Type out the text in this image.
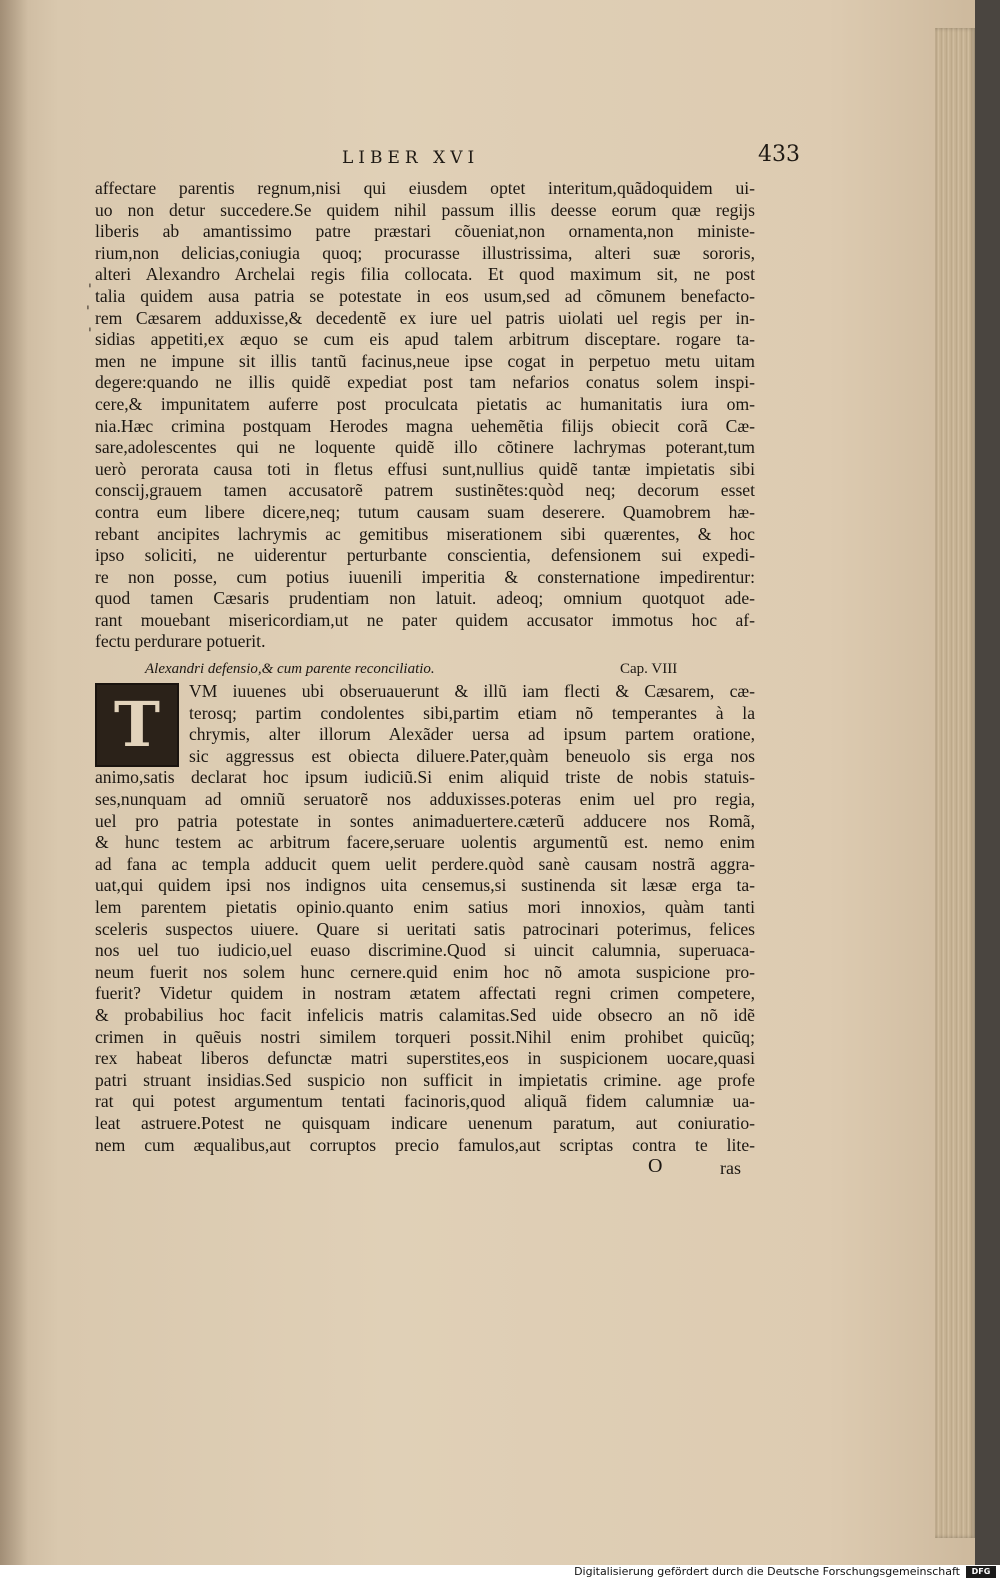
LIBER XVI	433
'
'
'
affectare parentis regnum,nisi qui eiusdem optet interitum,quãdoquidem ui-
uo non detur succedere.Se quidem nihil passum illis deesse eorum quæ regijs
liberis ab amantissimo patre præstari cõueniat,non ornamenta,non ministe-
rium,non delicias,coniugia quoq; procurasse illustrissima, alteri suæ sororis,
alteri Alexandro Archelai regis filia collocata. Et quod maximum sit, ne post
talia quidem ausa patria se potestate in eos usum,sed ad cõmunem benefacto-
rem Cæsarem adduxisse,& decedentẽ ex iure uel patris uiolati uel regis per in-
sidias appetiti,ex æquo se cum eis apud talem arbitrum disceptare. rogare ta-
men ne impune sit illis tantũ facinus,neue ipse cogat in perpetuo metu uitam
degere:quando ne illis quidẽ expediat post tam nefarios conatus solem inspi-
cere,& impunitatem auferre post proculcata pietatis ac humanitatis iura om-
nia.Hæc crimina postquam Herodes magna uehemẽtia filijs obiecit corã Cæ-
sare,adolescentes qui ne loquente quidẽ illo cõtinere lachrymas poterant,tum
uerò perorata causa toti in fletus effusi sunt,nullius quidẽ tantæ impietatis sibi
conscij,grauem tamen accusatorẽ patrem sustinẽtes:quòd neq; decorum esset
contra eum libere dicere,neq; tutum causam suam deserere. Quamobrem hæ-
rebant ancipites lachrymis ac gemitibus miserationem sibi quærentes, & hoc
ipso soliciti, ne uiderentur perturbante conscientia, defensionem sui expedi-
re non posse, cum potius iuuenili imperitia & consternatione impedirentur:
quod tamen Cæsaris prudentiam non latuit. adeoq; omnium quotquot ade-
rant mouebant misericordiam,ut ne pater quidem accusator immotus hoc af-
fectu perdurare potuerit.
Alexandri defensio,& cum parente reconciliatio.	Cap. VIII
T VM iuuenes ubi obseruauerunt & illũ iam flecti & Cæsarem, cæ-
terosq; partim condolentes sibi,partim etiam nõ temperantes à la
chrymis, alter illorum Alexãder uersa ad ipsum partem oratione,
sic aggressus est obiecta diluere.Pater,quàm beneuolo sis erga nos
animo,satis declarat hoc ipsum iudiciũ.Si enim aliquid triste de nobis statuis-
ses,nunquam ad omniũ seruatorẽ nos adduxisses.poteras enim uel pro regia,
uel pro patria potestate in sontes animaduertere.cæterũ adducere nos Romã,
& hunc testem ac arbitrum facere,seruare uolentis argumentũ est. nemo enim
ad fana ac templa adducit quem uelit perdere.quòd sanè causam nostrã aggra-
uat,qui quidem ipsi nos indignos uita censemus,si sustinenda sit læsæ erga ta-
lem parentem pietatis opinio.quanto enim satius mori innoxios, quàm tanti
sceleris suspectos uiuere. Quare si ueritati satis patrocinari poterimus, felices
nos uel tuo iudicio,uel euaso discrimine.Quod si uincit calumnia, superuaca-
neum fuerit nos solem hunc cernere.quid enim hoc nõ amota suspicione pro-
fuerit? Videtur quidem in nostram ætatem affectati regni crimen competere,
& probabilius hoc facit infelicis matris calamitas.Sed uide obsecro an nõ idẽ
crimen in quẽuis nostri similem torqueri possit.Nihil enim prohibet quicũq;
rex habeat liberos defunctæ matri superstites,eos in suspicionem uocare,quasi
patri struant insidias.Sed suspicio non sufficit in impietatis crimine. age profe
rat qui potest argumentum tentati facinoris,quod aliquã fidem calumniæ ua-
leat astruere.Potest ne quisquam indicare uenenum paratum, aut coniuratio-
nem cum æqualibus,aut corruptos precio famulos,aut scriptas contra te lite-
O	ras
Digitalisierung gefördert durch die Deutsche Forschungsgemeinschaft	DFG
